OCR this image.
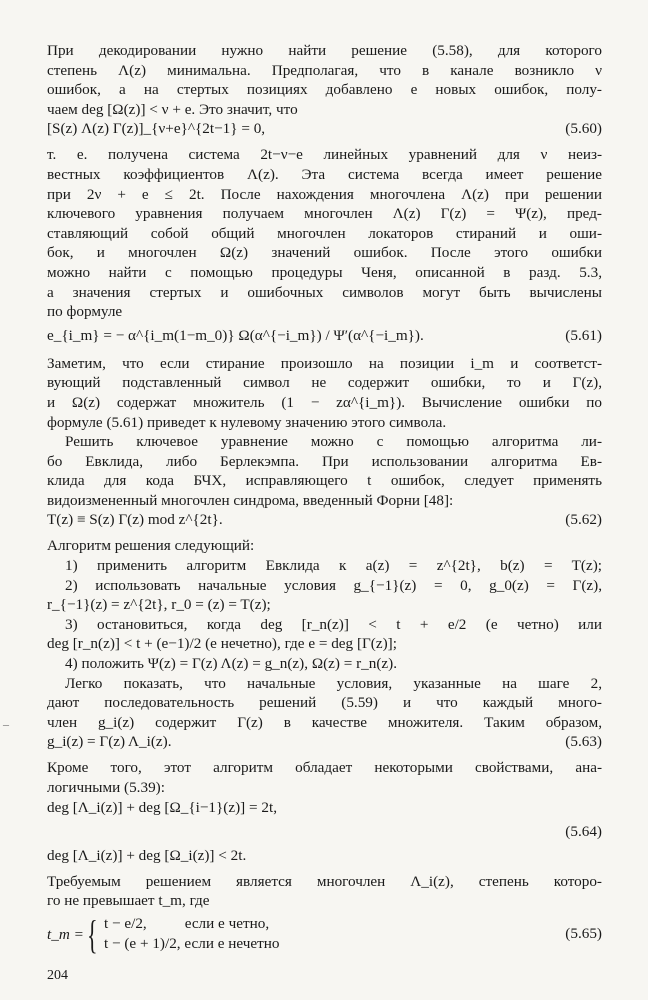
При декодировании нужно найти решение (5.58), для которого
степень Λ(z) минимальна. Предполагая, что в канале возникло ν
ошибок, а на стертых позициях добавлено e новых ошибок, полу-
чаем deg [Ω(z)] < ν + e. Это значит, что
[S(z) Λ(z) Γ(z)]_{ν+e}^{2t−1} = 0,	(5.60)
т. е. получена система 2t−ν−e линейных уравнений для ν неиз-
вестных коэффициентов Λ(z). Эта система всегда имеет решение
при 2ν + e ≤ 2t. После нахождения многочлена Λ(z) при решении
ключевого уравнения получаем многочлен Λ(z) Γ(z) = Ψ(z), пред-
ставляющий собой общий многочлен локаторов стираний и оши-
бок, и многочлен Ω(z) значений ошибок. После этого ошибки
можно найти с помощью процедуры Ченя, описанной в разд. 5.3,
а значения стертых и ошибочных символов могут быть вычислены
по формуле
e_{i_m} = − α^{i_m(1−m_0)} Ω(α^{−i_m}) / Ψ′(α^{−i_m}).	(5.61)
Заметим, что если стирание произошло на позиции i_m и соответст-
вующий подставленный символ не содержит ошибки, то и Γ(z),
и Ω(z) содержат множитель (1 − zα^{i_m}). Вычисление ошибки по
формуле (5.61) приведет к нулевому значению этого символа.
Решить ключевое уравнение можно с помощью алгоритма ли-
бо Евклида, либо Берлекэмпа. При использовании алгоритма Ев-
клида для кода БЧХ, исправляющего t ошибок, следует применять
видоизмененный многочлен синдрома, введенный Форни [48]:
T(z) ≡ S(z) Γ(z) mod z^{2t}.	(5.62)
Алгоритм решения следующий:
1) применить алгоритм Евклида к a(z) = z^{2t}, b(z) = T(z);
2) использовать начальные условия g_{−1}(z) = 0, g_0(z) = Γ(z),
r_{−1}(z) = z^{2t}, r_0 = (z) = T(z);
3) остановиться, когда deg [r_n(z)] < t + e/2 (e четно) или
deg [r_n(z)] < t + (e−1)/2 (e нечетно), где e = deg [Γ(z)];
4) положить Ψ(z) = Γ(z) Λ(z) = g_n(z), Ω(z) = r_n(z).
Легко показать, что начальные условия, указанные на шаге 2,
дают последовательность решений (5.59) и что каждый много-
член g_i(z) содержит Γ(z) в качестве множителя. Таким образом,
g_i(z) = Γ(z) Λ_i(z).	(5.63)
Кроме того, этот алгоритм обладает некоторыми свойствами, ана-
логичными (5.39):
deg [Λ_i(z)] + deg [Ω_{i−1}(z)] = 2t,
(5.64)
deg [Λ_i(z)] + deg [Ω_i(z)] < 2t.
Требуемым решением является многочлен Λ_i(z), степень которо-
го не превышает t_m, где
t_m = { t − e/2,          если e четно,
t − (e + 1)/2, если e нечетно
(5.65)
204
–
